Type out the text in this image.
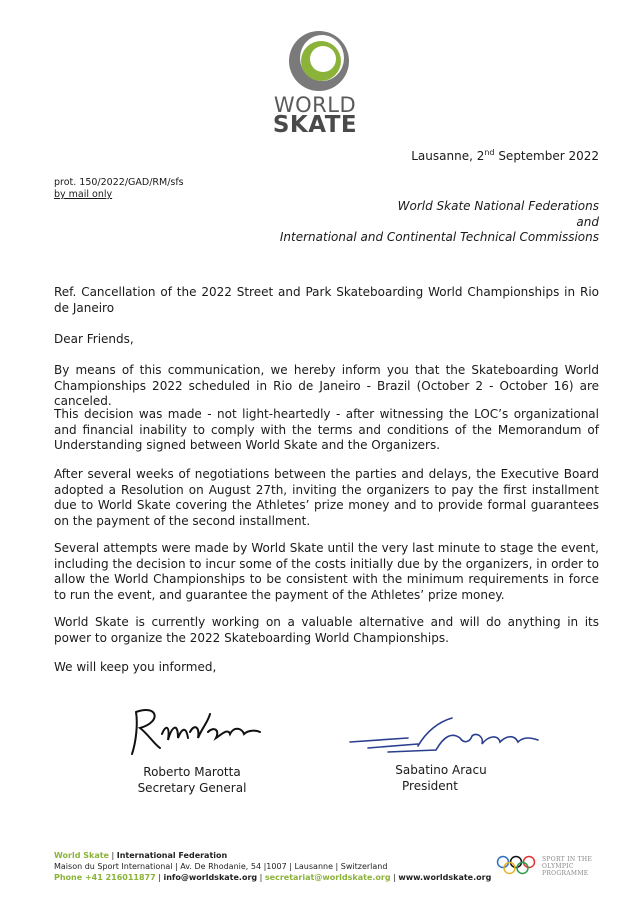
WORLD
SKATE
Lausanne, 2nd September 2022
prot. 150/2022/GAD/RM/sfs
by mail only
World Skate National Federations
and
International and Continental Technical Commissions
Ref. Cancellation of the 2022 Street and Park Skateboarding World Championships in Rio de Janeiro
Dear Friends,
By means of this communication, we hereby inform you that the Skateboarding World Championships 2022 scheduled in Rio de Janeiro - Brazil (October 2 - October 16) are canceled.
This decision was made - not light-heartedly - after witnessing the LOC’s organizational and financial inability to comply with the terms and conditions of the Memorandum of Understanding signed between World Skate and the Organizers.
After several weeks of negotiations between the parties and delays, the Executive Board adopted a Resolution on August 27th, inviting the organizers to pay the first installment due to World Skate covering the Athletes’ prize money and to provide formal guarantees on the payment of the second installment.
Several attempts were made by World Skate until the very last minute to stage the event, including the decision to incur some of the costs initially due by the organizers, in order to allow the World Championships to be consistent with the minimum requirements in force to run the event, and guarantee the payment of the Athletes’ prize money.
World Skate is currently working on a valuable alternative and will do anything in its power to organize the 2022 Skateboarding World Championships.
We will keep you informed,
Roberto Marotta
Secretary General
Sabatino Aracu
President
World Skate | International Federation
Maison du Sport International | Av. De Rhodanie, 54 |1007 | Lausanne | Switzerland
Phone +41 216011877 | info@worldskate.org | secretariat@worldskate.org | www.worldskate.org
SPORT IN THE
OLYMPIC
PROGRAMME
